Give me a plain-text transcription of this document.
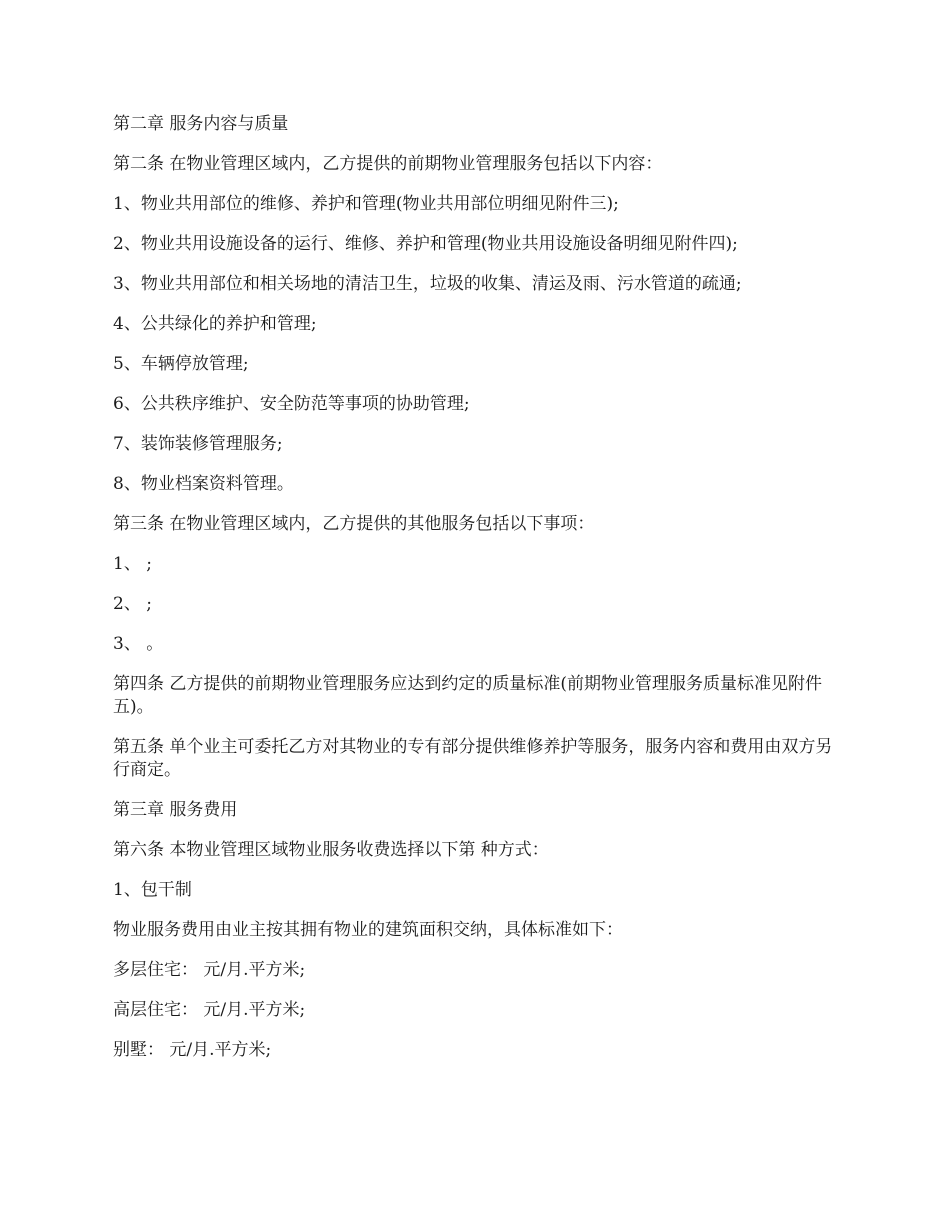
第二章 服务内容与质量

第二条 在物业管理区域内，乙方提供的前期物业管理服务包括以下内容：

1、物业共用部位的维修、养护和管理(物业共用部位明细见附件三);

2、物业共用设施设备的运行、维修、养护和管理(物业共用设施设备明细见附件四);

3、物业共用部位和相关场地的清洁卫生，垃圾的收集、清运及雨、污水管道的疏通;

4、公共绿化的养护和管理;

5、车辆停放管理;

6、公共秩序维护、安全防范等事项的协助管理;

7、装饰装修管理服务;

8、物业档案资料管理。

第三条 在物业管理区域内，乙方提供的其他服务包括以下事项：

1、 ;

2、 ;

3、 。

第四条 乙方提供的前期物业管理服务应达到约定的质量标准(前期物业管理服务质量标准见附件五)。

第五条 单个业主可委托乙方对其物业的专有部分提供维修养护等服务，服务内容和费用由双方另行商定。

第三章 服务费用

第六条 本物业管理区域物业服务收费选择以下第 种方式：

1、包干制

物业服务费用由业主按其拥有物业的建筑面积交纳，具体标准如下：

多层住宅： 元/月.平方米;

高层住宅： 元/月.平方米;

别墅： 元/月.平方米;
